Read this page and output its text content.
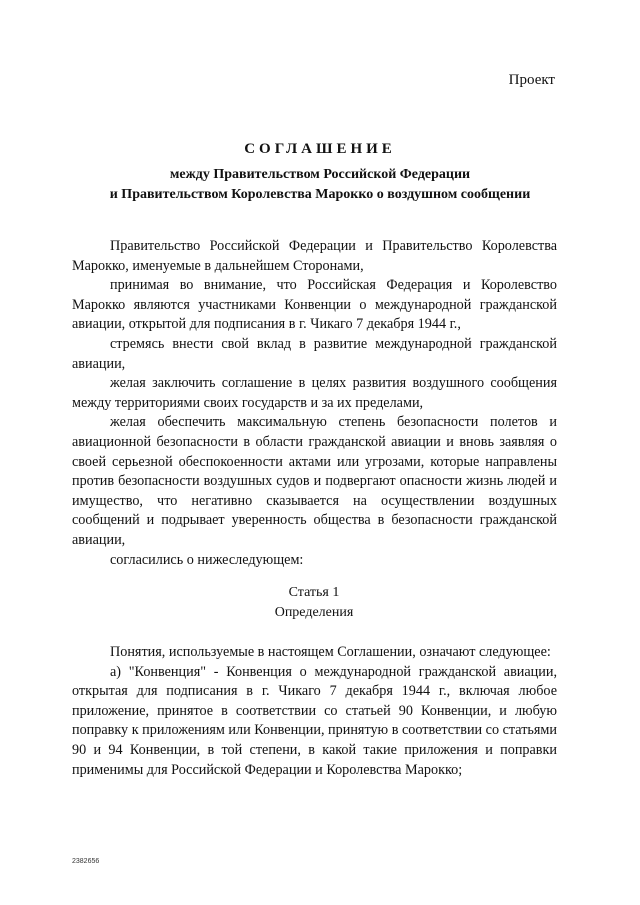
Проект
СОГЛАШЕНИЕ
между Правительством Российской Федерации
и Правительством Королевства Марокко о воздушном сообщении

Правительство Российской Федерации и Правительство Королевства Марокко, именуемые в дальнейшем Сторонами,

принимая во внимание, что Российская Федерация и Королевство Марокко являются участниками Конвенции о международной гражданской авиации, открытой для подписания в г. Чикаго 7 декабря 1944 г.,

стремясь внести свой вклад в развитие международной гражданской авиации,

желая заключить соглашение в целях развития воздушного сообщения между территориями своих государств и за их пределами,

желая обеспечить максимальную степень безопасности полетов и авиационной безопасности в области гражданской авиации и вновь заявляя о своей серьезной обеспокоенности актами или угрозами, которые направлены против безопасности воздушных судов и подвергают опасности жизнь людей и имущество, что негативно сказывается на осуществлении воздушных сообщений и подрывает уверенность общества в безопасности гражданской авиации,

согласились о нижеследующем:

Статья 1
Определения

Понятия, используемые в настоящем Соглашении, означают следующее:

а) "Конвенция" - Конвенция о международной гражданской авиации, открытая для подписания в г. Чикаго 7 декабря 1944 г., включая любое приложение, принятое в соответствии со статьей 90 Конвенции, и любую поправку к приложениям или Конвенции, принятую в соответствии со статьями 90 и 94 Конвенции, в той степени, в какой такие приложения и поправки применимы для Российской Федерации и Королевства Марокко;

2382656
